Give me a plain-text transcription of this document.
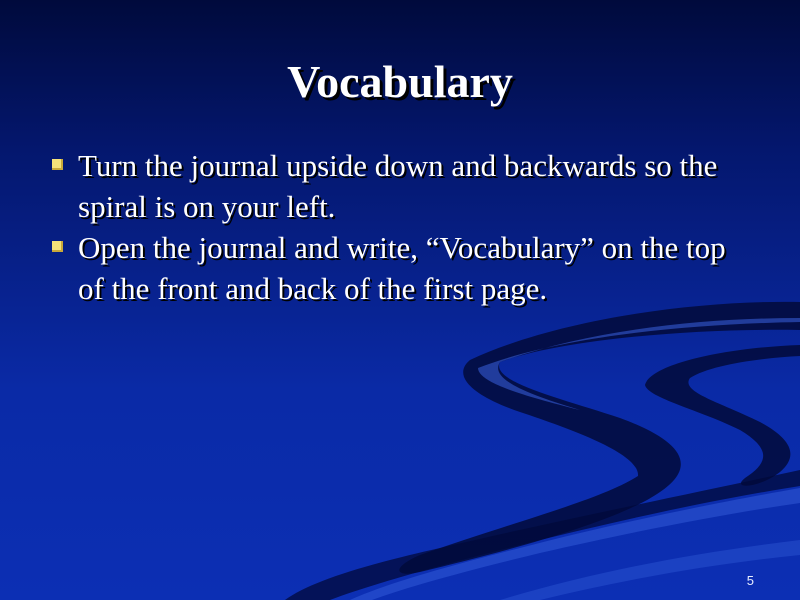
Vocabulary
Turn the journal upside down and backwards so the spiral is on your left.
Open the journal and write, “Vocabulary” on the top of the front and back of the first page.
5
